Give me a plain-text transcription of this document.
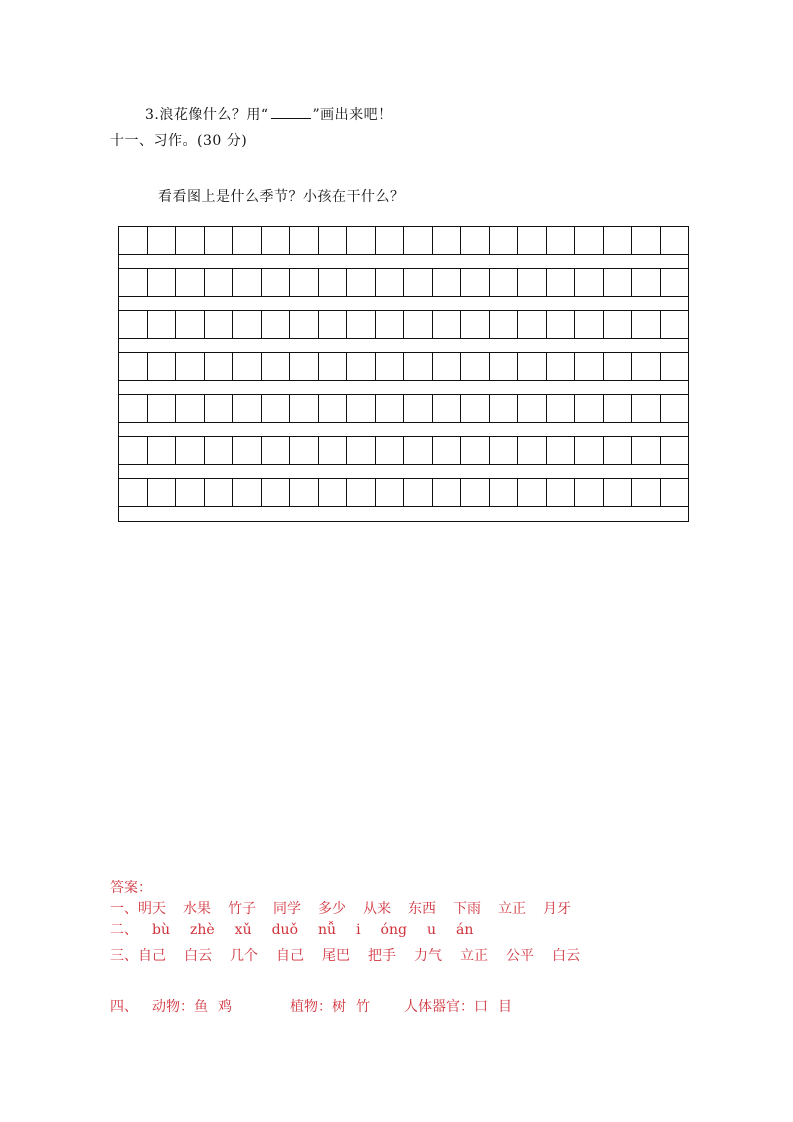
3.浪花像什么？用“	”画出来吧！
十一、习作。(30 分)
看看图上是什么季节？小孩在干什么？
答案：
一、明天 水果 竹子 同学 多少 从来 东西 下雨 立正 月牙
二、 bù zhè xǔ duǒ nǚ i óng u án
三、自己 白云 几个 自己 尾巴 把手 力气 立正 公平 白云
四、 动物：鱼 鸡	植物：树 竹 人体器官：口 目
